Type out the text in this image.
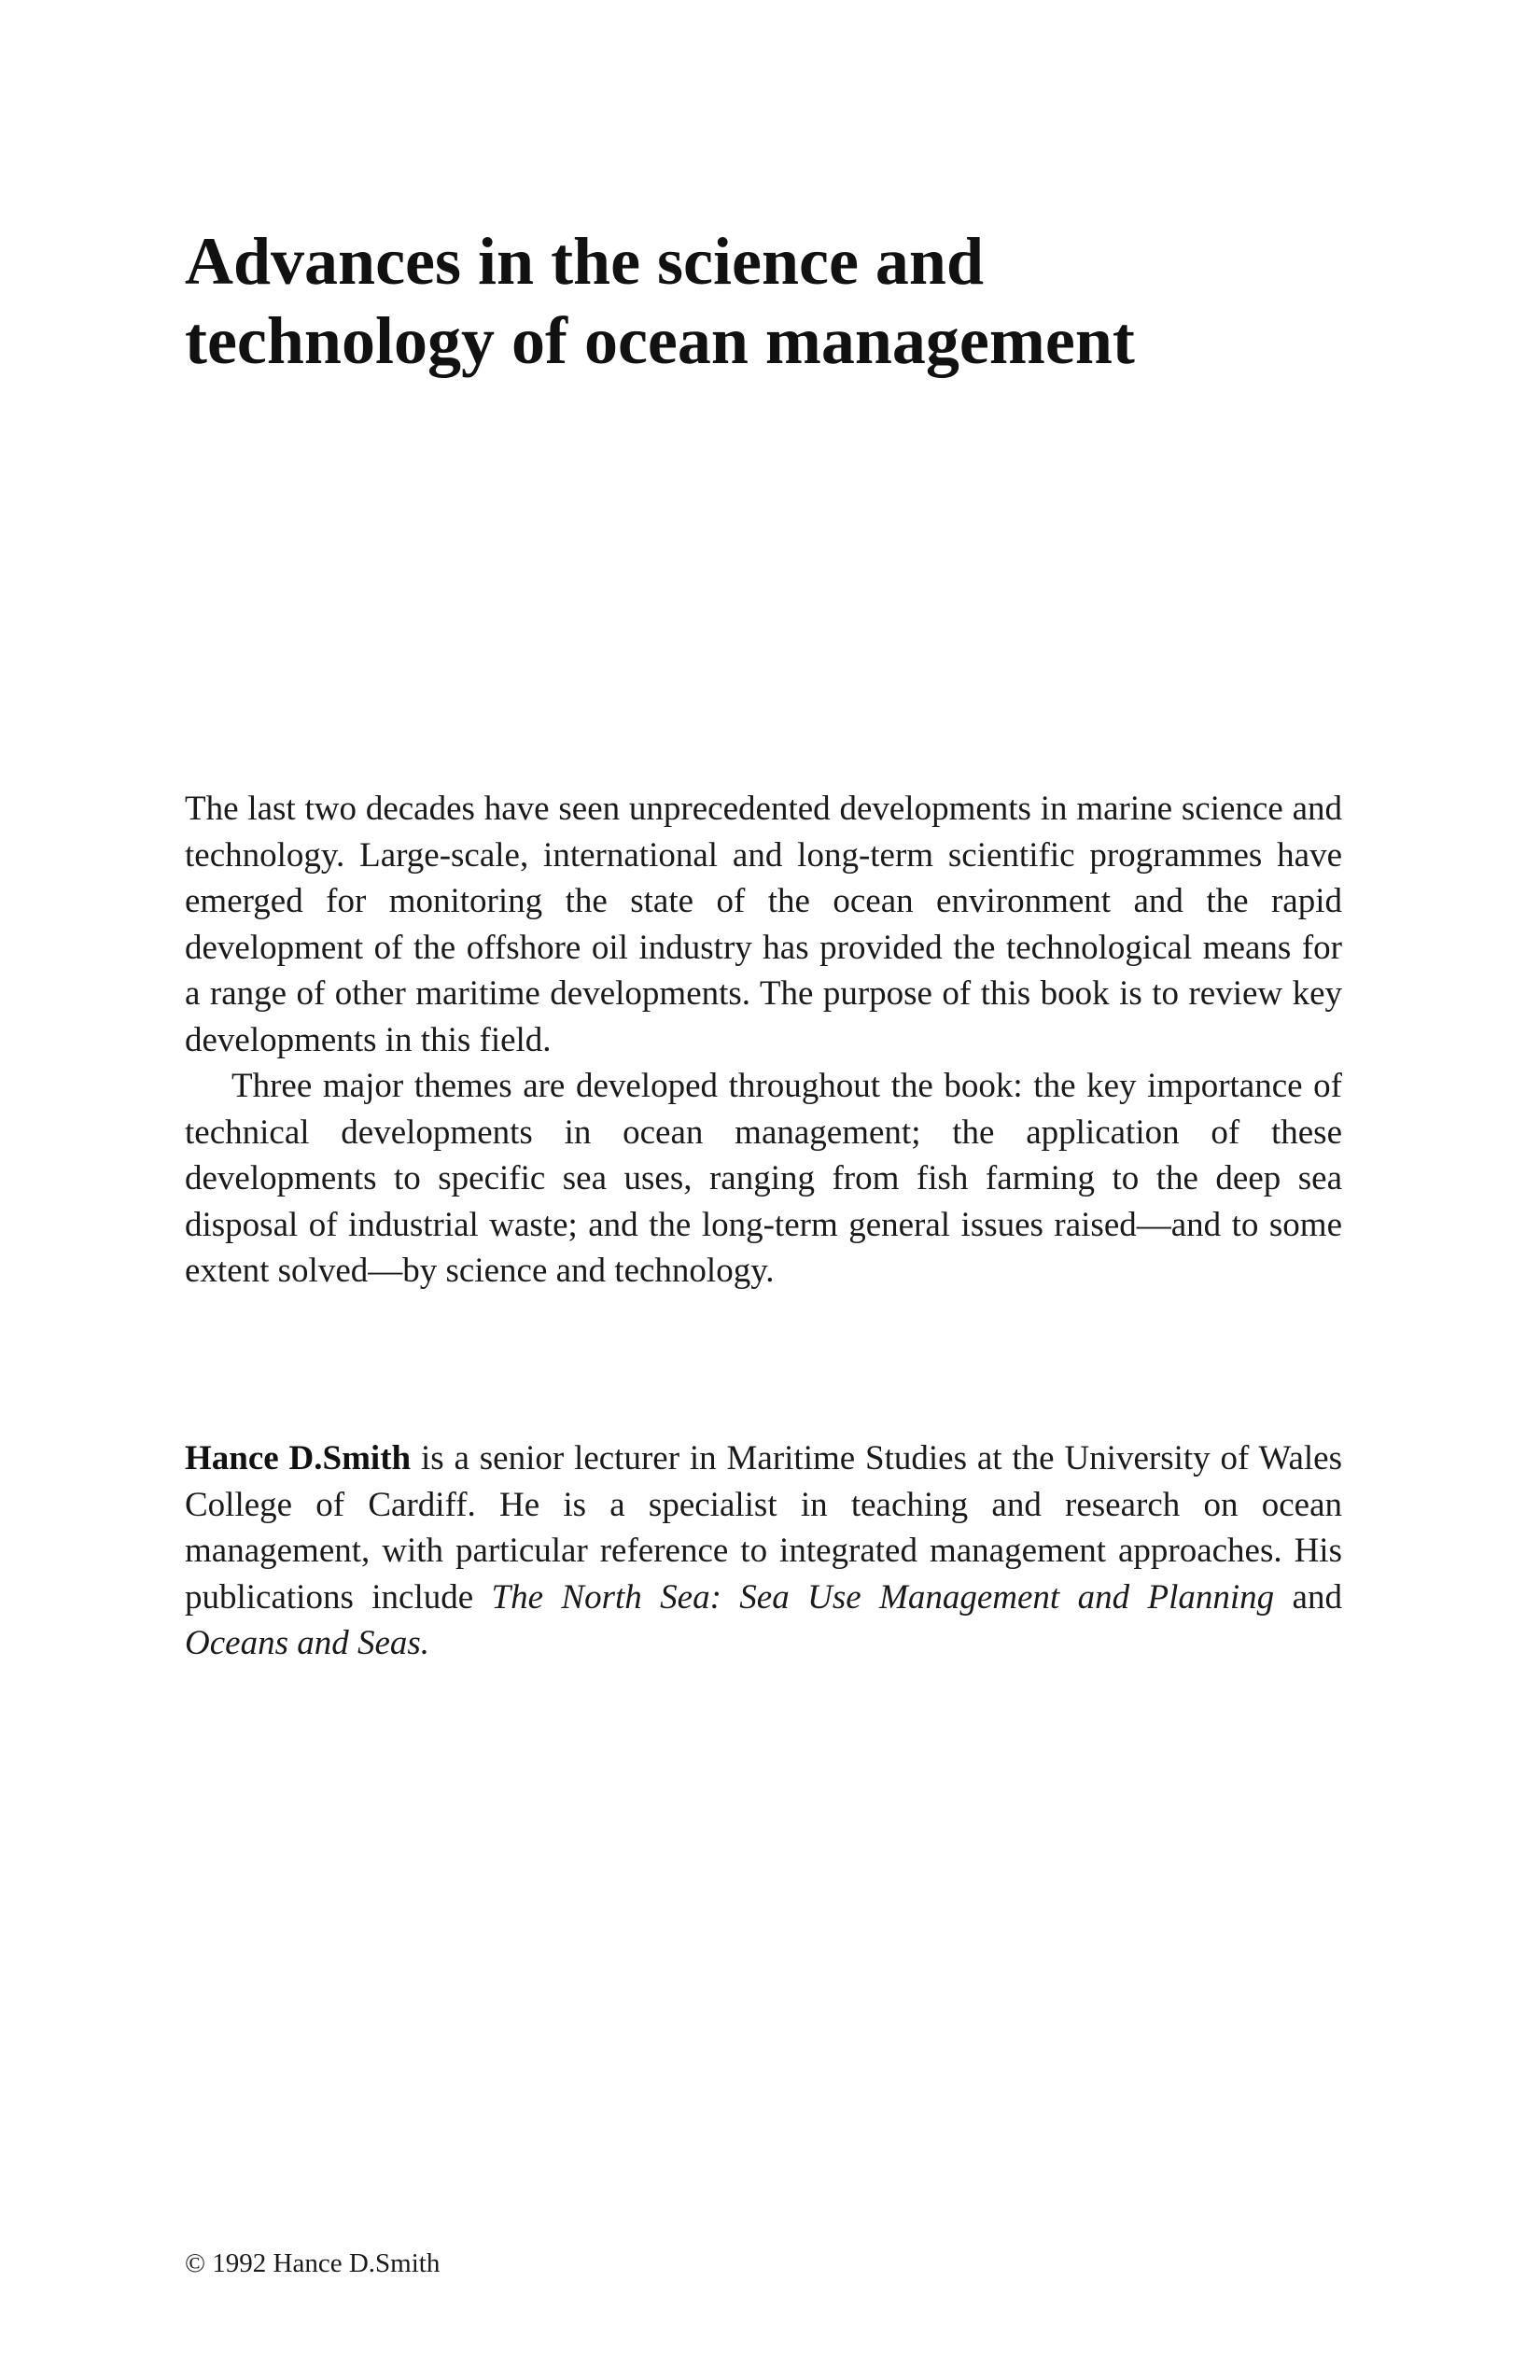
Advances in the science and
technology of ocean management

The last two decades have seen unprecedented developments in marine science and technology. Large-scale, international and long-term scientific programmes have emerged for monitoring the state of the ocean environment and the rapid development of the offshore oil industry has provided the technological means for a range of other maritime developments. The purpose of this book is to review key developments in this field.

Three major themes are developed throughout the book: the key importance of technical developments in ocean management; the application of these developments to specific sea uses, ranging from fish farming to the deep sea disposal of industrial waste; and the long-term general issues raised—and to some extent solved—by science and technology.

Hance D.Smith is a senior lecturer in Maritime Studies at the University of Wales College of Cardiff. He is a specialist in teaching and research on ocean management, with particular reference to integrated management approaches. His publications include The North Sea: Sea Use Management and Planning and Oceans and Seas.

© 1992 Hance D.Smith
